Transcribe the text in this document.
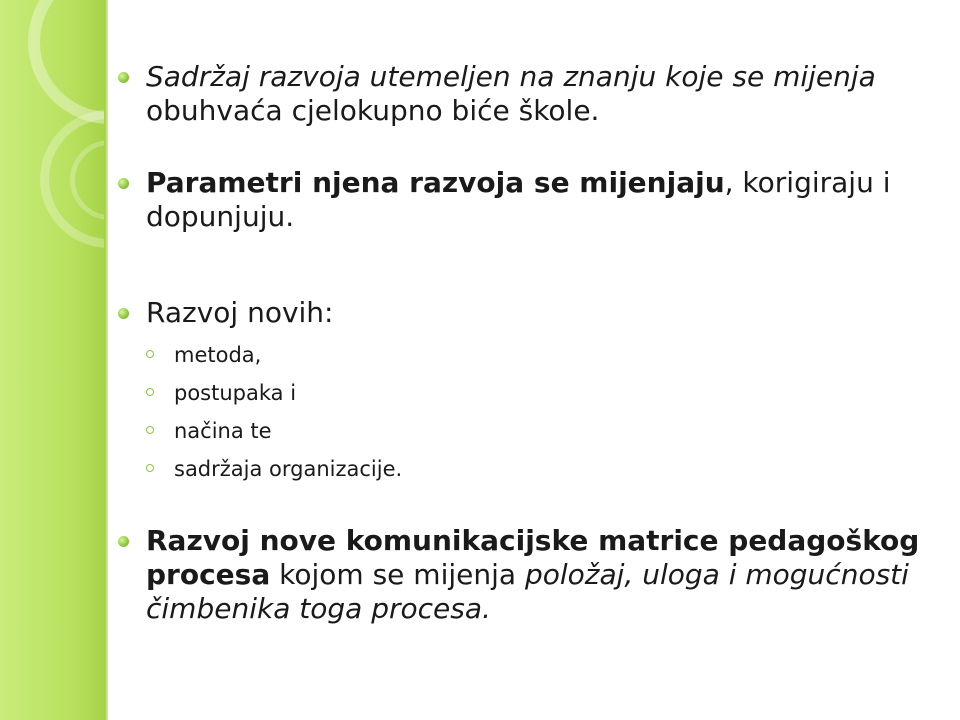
Sadržaj razvoja utemeljen na znanju koje se mijenja
obuhvaća cjelokupno biće škole.
Parametri njena razvoja se mijenjaju, korigiraju i dopunjuju.
Razvoj novih:
metoda,
postupaka i
načina te
sadržaja organizacije.
Razvoj nove komunikacijske matrice pedagoškog procesa kojom se mijenja položaj, uloga i mogućnosti čimbenika toga procesa.
